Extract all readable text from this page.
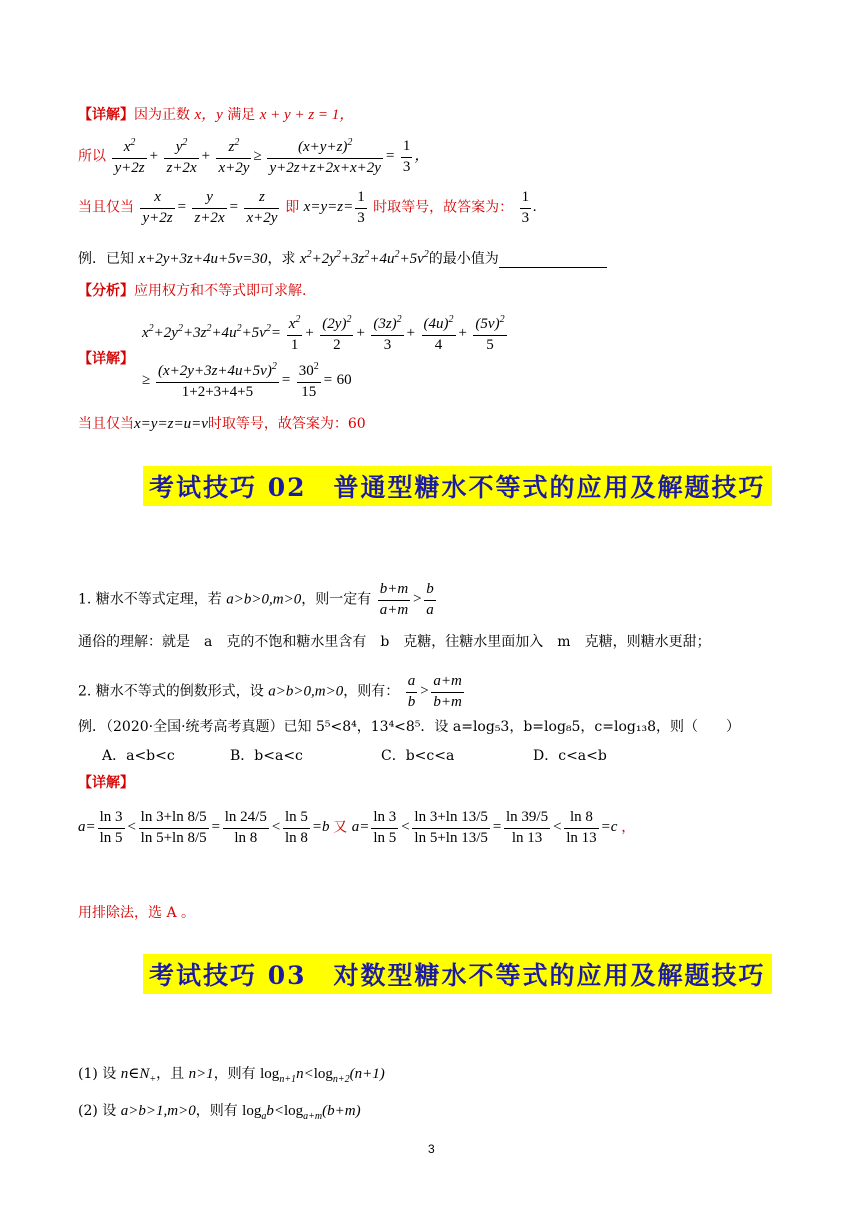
【详解】因为正数 x，y 满足 x + y + z = 1，
所以 $\frac{x^2}{y+2z} + \frac{y^2}{z+2x} + \frac{z^2}{x+2y} \ge \frac{(x+y+z)^2}{y+2z+z+2x+x+2y} = \frac{1}{3}$ ，
当且仅当 $\frac{x}{y+2z} = \frac{y}{z+2x} = \frac{z}{x+2y}$ 即 $x=y=z= \frac{1}{3}$ 时取等号，故答案为： $\frac{1}{3}$ .
例．已知 x+2y+3z+4u+5v=30，求 $x^2+2y^2+3z^2+4u^2+5v^2$的最小值为
【分析】应用权方和不等式即可求解.
【详解】
$x^2+2y^2+3z^2+4u^2+5v^2= \frac{x^2}{1} + \frac{(2y)^2}{2} + \frac{(3z)^2}{3} + \frac{(4u)^2}{4} + \frac{(5v)^2}{5}$
≥ $\frac{(x+2y+3z+4u+5v)^2}{1+2+3+4+5} = \frac{30^2}{15} = 60$
当且仅当x=y=z=u=v时取等号，故答案为：60
考试技巧 02　普通型糖水不等式的应用及解题技巧
1. 糖水不等式定理，若 a>b>0,m>0，则一定有 $\frac{b+m}{a+m} > \frac{b}{a}$
通俗的理解：就是　a　克的不饱和糖水里含有　b　克糖，往糖水里面加入　m　克糖，则糖水更甜；
2. 糖水不等式的倒数形式，设 a>b>0,m>0，则有： $\frac{a}{b} > \frac{a+m}{b+m}$
例．（2020·全国·统考高考真题）已知 5⁵<8⁴，13⁴<8⁵．设 a=log₅3，b=log₈5，c=log₁₃8，则（　　）
A．a<b<c	B．b<a<c	C．b<c<a	D．c<a<b
【详解】
$a= \frac{\ln 3}{\ln 5} < \frac{\ln 3+\ln 8/5}{\ln 5+\ln 8/5} = \frac{\ln 24/5}{\ln 8} < \frac{\ln 5}{\ln 8} =b$ 又 $a= \frac{\ln 3}{\ln 5} < \frac{\ln 3+\ln 13/5}{\ln 5+\ln 13/5} = \frac{\ln 39/5}{\ln 13} < \frac{\ln 8}{\ln 13} =c$ ，
用排除法，选 A 。
考试技巧 03　对数型糖水不等式的应用及解题技巧
(1) 设 $n\in N_+$，且 n>1，则有 $\log_{n+1}n<\log_{n+2}(n+1)$
(2) 设 a>b>1,m>0，则有 $\log_ab<\log_{a+m}(b+m)$
3
